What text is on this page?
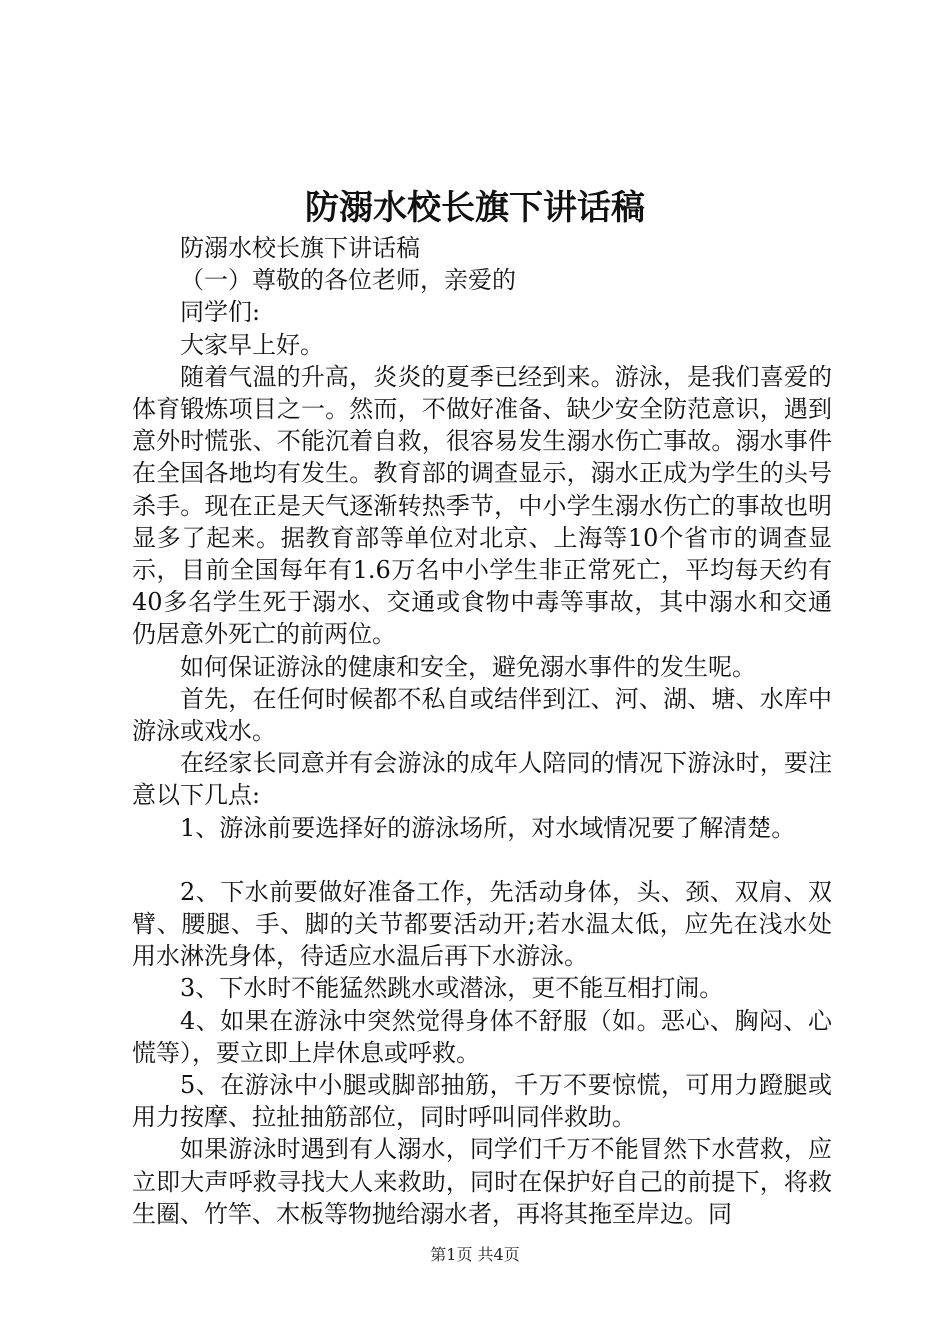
防溺水校长旗下讲话稿

防溺水校长旗下讲话稿

（一）尊敬的各位老师，亲爱的

同学们:

大家早上好。

随着气温的升高，炎炎的夏季已经到来。游泳，是我们喜爱的体育锻炼项目之一。然而，不做好准备、缺少安全防范意识，遇到意外时慌张、不能沉着自救，很容易发生溺水伤亡事故。溺水事件在全国各地均有发生。教育部的调查显示，溺水正成为学生的头号杀手。现在正是天气逐渐转热季节，中小学生溺水伤亡的事故也明显多了起来。据教育部等单位对北京、上海等10个省市的调查显示，目前全国每年有1.6万名中小学生非正常死亡，平均每天约有40多名学生死于溺水、交通或食物中毒等事故，其中溺水和交通仍居意外死亡的前两位。

如何保证游泳的健康和安全，避免溺水事件的发生呢。

首先，在任何时候都不私自或结伴到江、河、湖、塘、水库中游泳或戏水。

在经家长同意并有会游泳的成年人陪同的情况下游泳时，要注意以下几点:

1、游泳前要选择好的游泳场所，对水域情况要了解清楚。

2、下水前要做好准备工作，先活动身体，头、颈、双肩、双臂、腰腿、手、脚的关节都要活动开;若水温太低，应先在浅水处用水淋洗身体，待适应水温后再下水游泳。

3、下水时不能猛然跳水或潜泳，更不能互相打闹。

4、如果在游泳中突然觉得身体不舒服（如。恶心、胸闷、心慌等），要立即上岸休息或呼救。

5、在游泳中小腿或脚部抽筋，千万不要惊慌，可用力蹬腿或用力按摩、拉扯抽筋部位，同时呼叫同伴救助。

如果游泳时遇到有人溺水，同学们千万不能冒然下水营救，应立即大声呼救寻找大人来救助，同时在保护好自己的前提下，将救生圈、竹竿、木板等物抛给溺水者，再将其拖至岸边。同

第1页 共4页
